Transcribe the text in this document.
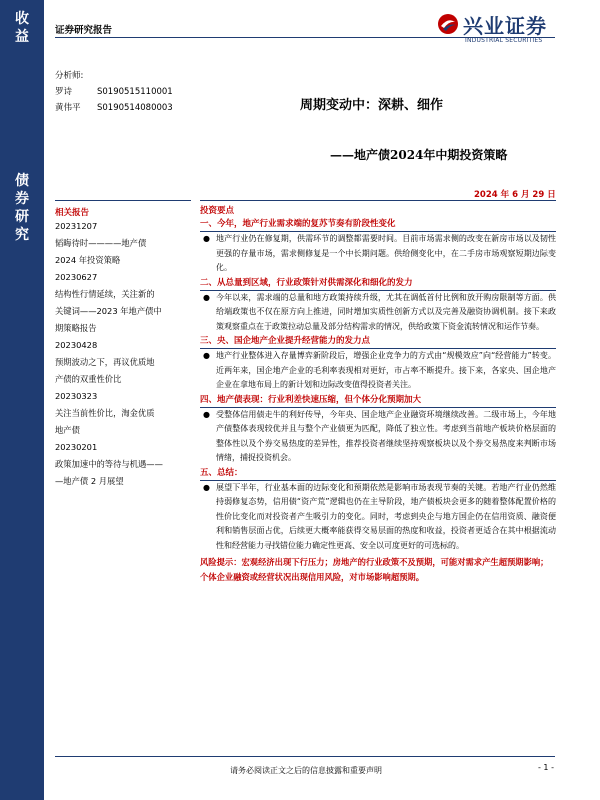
收
益
债
券
研
究
证券研究报告	兴业证券
INDUSTRIAL SECURITIES
分析师:
罗诗	S0190515110001
黄伟平	S0190514080003	周期变动中：深耕、细作
——地产债2024年中期投资策略
2024 年 6 月 29 日
相关报告
20231207
韬晦待时————地产债
2024 年投资策略
20230627
结构性行情延续，关注新的
关键词——2023 年地产债中
期策略报告
20230428
预期波动之下，再议优质地
产债的双重性价比
20230323
关注当前性价比，淘金优质
地产债
20230201
政策加速中的等待与机遇——
—地产债 2 月展望
投资要点
一、今年，地产行业需求端的复苏节奏有阶段性变化
● 地产行业仍在修复期，供需环节的调整都需要时间。目前市场需求侧的改变在新房市场以及韧性更强的存量市场，需求侧修复是一个中长期问题。供给侧变化中，在二手房市场观察短期边际变化。
二、从总量到区域，行业政策针对供需深化和细化的发力
● 今年以来，需求端的总量和地方政策持续升级，尤其在调低首付比例和放开购房限制等方面。供给端政策也不仅在原方向上推进，同时增加实质性创新方式以及完善及融资协调机制。接下来政策观察重点在于政策拉动总量及部分结构需求的情况，供给政策下资金流转情况和运作节奏。
三、央、国企地产企业提升经营能力的发力点
● 地产行业整体进入存量博弈新阶段后，增强企业竞争力的方式由“规模效应”向“经营能力”转变。近两年来，国企地产企业的毛利率表现相对更好，市占率不断提升。接下来，各家央、国企地产企业在拿地布局上的新计划和边际改变值得投资者关注。
四、地产债表现：行业利差快速压缩，但个体分化预期加大
● 受整体信用债走牛的利好传导，今年央、国企地产企业融资环境继续改善。二级市场上，今年地产债整体表现较优并且与整个产业债更为匹配，降低了独立性。考虑到当前地产板块价格层面的整体性以及个券交易热度的差异性，推荐投资者继续坚持观察板块以及个券交易热度来判断市场情绪，捕捉投资机会。
五、总结：
● 展望下半年，行业基本面的边际变化和预期依然是影响市场表现节奏的关键。若地产行业仍然维持弱修复态势，信用债“资产荒”逻辑也仍在主导阶段，地产债板块会更多的随着整体配置价格的性价比变化而对投资者产生吸引力的变化。同时，考虑到央企与地方国企仍在信用资质、融资便利和销售层面占优，后续更大概率能获得交易层面的热度和收益，投资者更适合在其中根据流动性和经营能力寻找错位能力确定性更高、安全以可度更好的可选标的。
风险提示：宏观经济出现下行压力；房地产的行业政策不及预期，可能对需求产生超预期影响；个体企业融资或经营状况出现信用风险，对市场影响超预期。
请务必阅读正文之后的信息披露和重要声明	- 1 -
